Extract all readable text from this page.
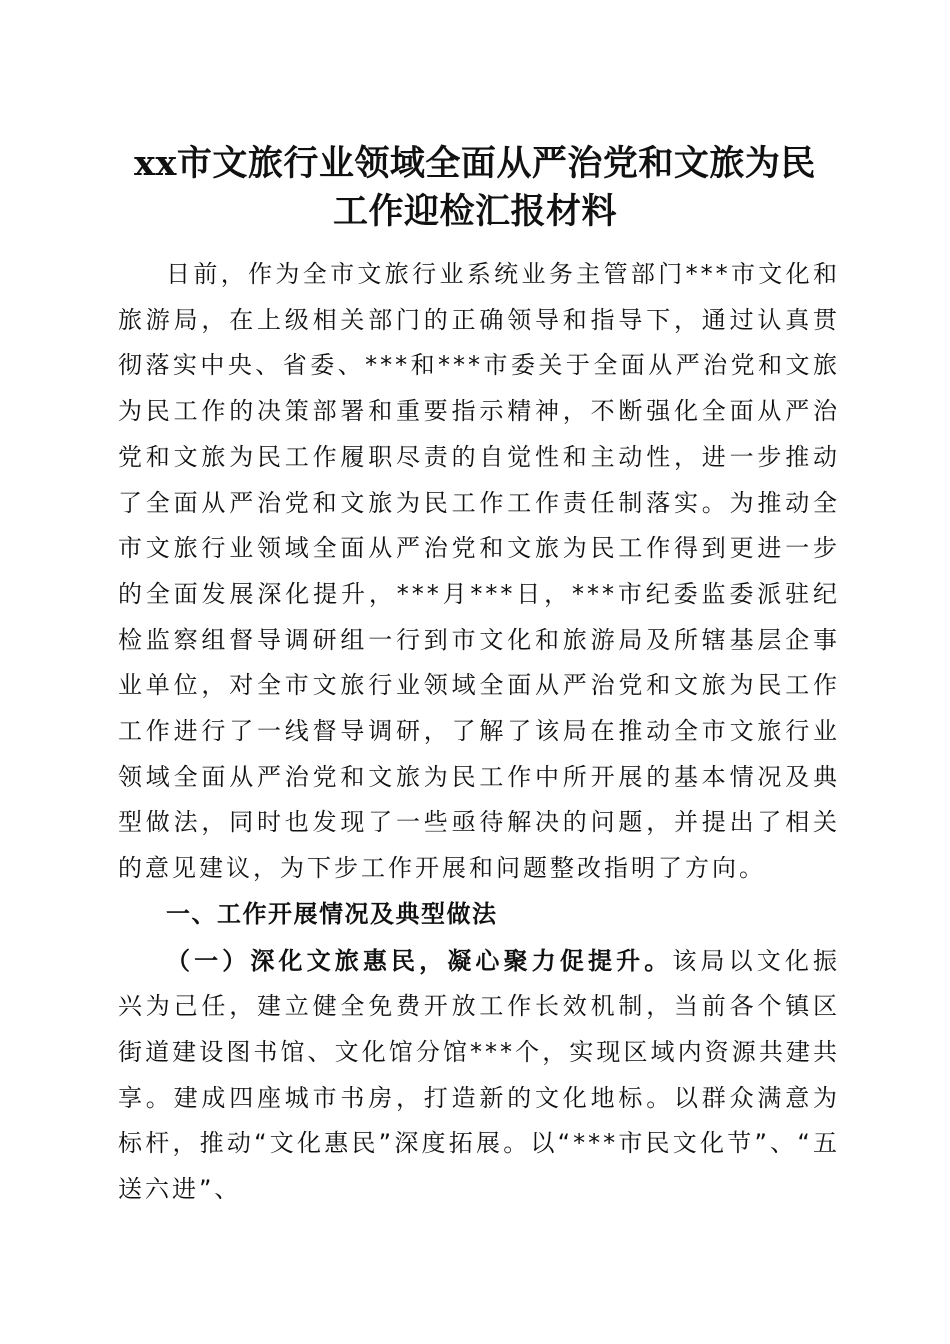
xx市文旅行业领域全面从严治党和文旅为民
工作迎检汇报材料

日前，作为全市文旅行业系统业务主管部门***市文化和旅游局，在上级相关部门的正确领导和指导下，通过认真贯彻落实中央、省委、***和***市委关于全面从严治党和文旅为民工作的决策部署和重要指示精神，不断强化全面从严治党和文旅为民工作履职尽责的自觉性和主动性，进一步推动了全面从严治党和文旅为民工作工作责任制落实。为推动全市文旅行业领域全面从严治党和文旅为民工作得到更进一步的全面发展深化提升，***月***日，***市纪委监委派驻纪检监察组督导调研组一行到市文化和旅游局及所辖基层企事业单位，对全市文旅行业领域全面从严治党和文旅为民工作工作进行了一线督导调研，了解了该局在推动全市文旅行业领域全面从严治党和文旅为民工作中所开展的基本情况及典型做法，同时也发现了一些亟待解决的问题，并提出了相关的意见建议，为下步工作开展和问题整改指明了方向。

一、工作开展情况及典型做法

（一）深化文旅惠民，凝心聚力促提升。该局以文化振兴为己任，建立健全免费开放工作长效机制，当前各个镇区街道建设图书馆、文化馆分馆***个，实现区域内资源共建共享。建成四座城市书房，打造新的文化地标。以群众满意为标杆，推动“文化惠民”深度拓展。以“***市民文化节”、“五送六进”、
